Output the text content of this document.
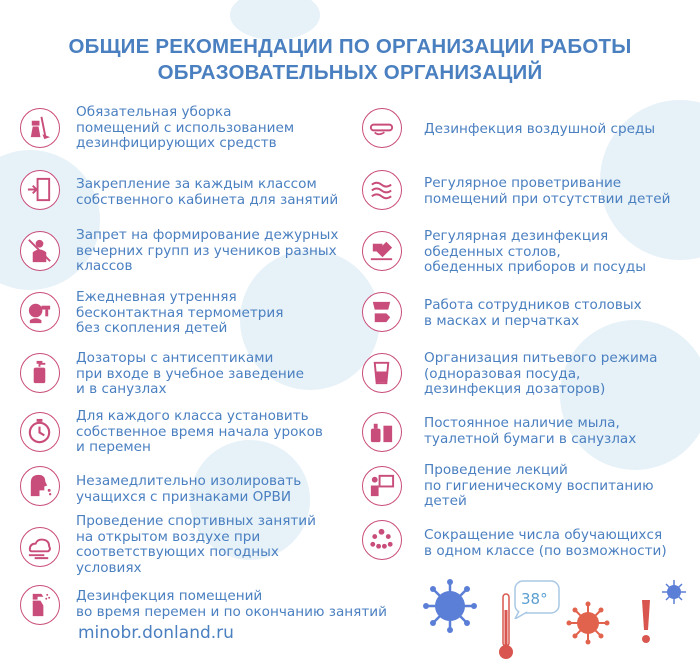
ОБЩИЕ РЕКОМЕНДАЦИИ ПО ОРГАНИЗАЦИИ РАБОТЫ
ОБРАЗОВАТЕЛЬНЫХ ОРГАНИЗАЦИЙ
Обязательная уборка
помещений с использованием
дезинфицирующих средств
Закрепление за каждым классом
собственного кабинета для занятий
Запрет на формирование дежурных
вечерних групп из учеников разных
классов
Ежедневная утренняя
бесконтактная термометрия
без скопления детей
Дозаторы с антисептиками
при входе в учебное заведение
и в санузлах
Для каждого класса установить
собственное время начала уроков
и перемен
Незамедлительно изолировать
учащихся с признаками ОРВИ
Проведение спортивных занятий
на открытом воздухе при
соответствующих погодных
условиях
Дезинфекция помещений
во время перемен и по окончанию занятий
Дезинфекция воздушной среды
Регулярное проветривание
помещений при отсутствии детей
Регулярная дезинфекция
обеденных столов,
обеденных приборов и посуды
Работа сотрудников столовых
в масках и перчатках
Организация питьевого режима
(одноразовая посуда,
дезинфекция дозаторов)
Постоянное наличие мыла,
туалетной бумаги в санузлах
Проведение лекций
по гигиеническому воспитанию
детей
Сокращение числа обучающихся
в одном классе (по возможности)
minobr.donland.ru
38°
